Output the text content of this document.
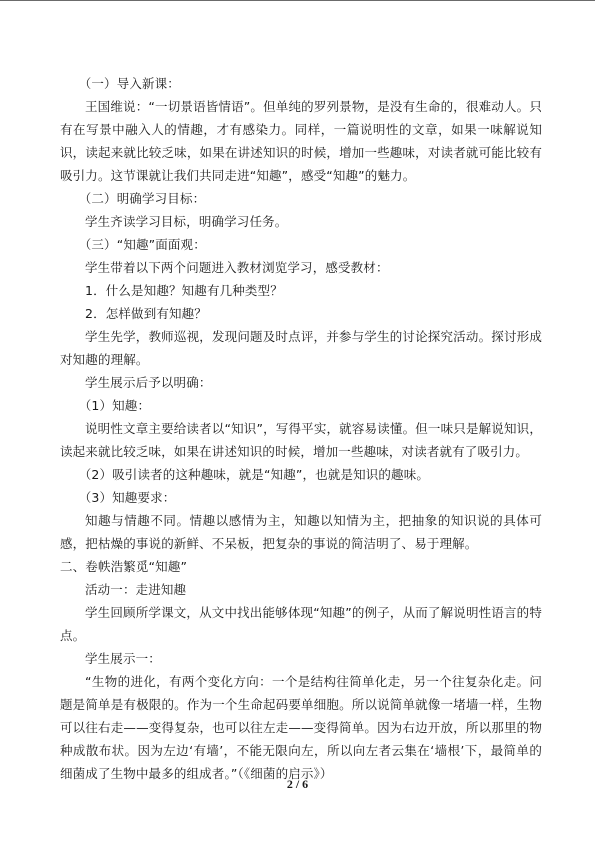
（一）导入新课：

王国维说：“一切景语皆情语”。但单纯的罗列景物，是没有生命的，很难动人。只有在写景中融入人的情趣，才有感染力。同样，一篇说明性的文章，如果一味解说知识，读起来就比较乏味，如果在讲述知识的时候，增加一些趣味，对读者就可能比较有吸引力。这节课就让我们共同走进“知趣”，感受“知趣”的魅力。

（二）明确学习目标：

学生齐读学习目标，明确学习任务。

（三）“知趣”面面观：

学生带着以下两个问题进入教材浏览学习，感受教材：

1．什么是知趣？知趣有几种类型？

2．怎样做到有知趣？

学生先学，教师巡视，发现问题及时点评，并参与学生的讨论探究活动。探讨形成对知趣的理解。

学生展示后予以明确：

（1）知趣：

说明性文章主要给读者以“知识”，写得平实，就容易读懂。但一味只是解说知识，读起来就比较乏味，如果在讲述知识的时候，增加一些趣味，对读者就有了吸引力。

（2）吸引读者的这种趣味，就是“知趣”，也就是知识的趣味。

（3）知趣要求：

知趣与情趣不同。情趣以感情为主，知趣以知情为主，把抽象的知识说的具体可感，把枯燥的事说的新鲜、不呆板，把复杂的事说的简洁明了、易于理解。

二、卷帙浩繁觅“知趣”

活动一：走进知趣

学生回顾所学课文，从文中找出能够体现“知趣”的例子，从而了解说明性语言的特点。

学生展示一：

“生物的进化，有两个变化方向：一个是结构往简单化走，另一个往复杂化走。问题是简单是有极限的。作为一个生命起码要单细胞。所以说简单就像一堵墙一样，生物可以往右走——变得复杂，也可以往左走——变得简单。因为右边开放，所以那里的物种成散布状。因为左边‘有墙’，不能无限向左，所以向左者云集在‘墙根’下，最简单的细菌成了生物中最多的组成者。”（《细菌的启示》）

2 / 6
